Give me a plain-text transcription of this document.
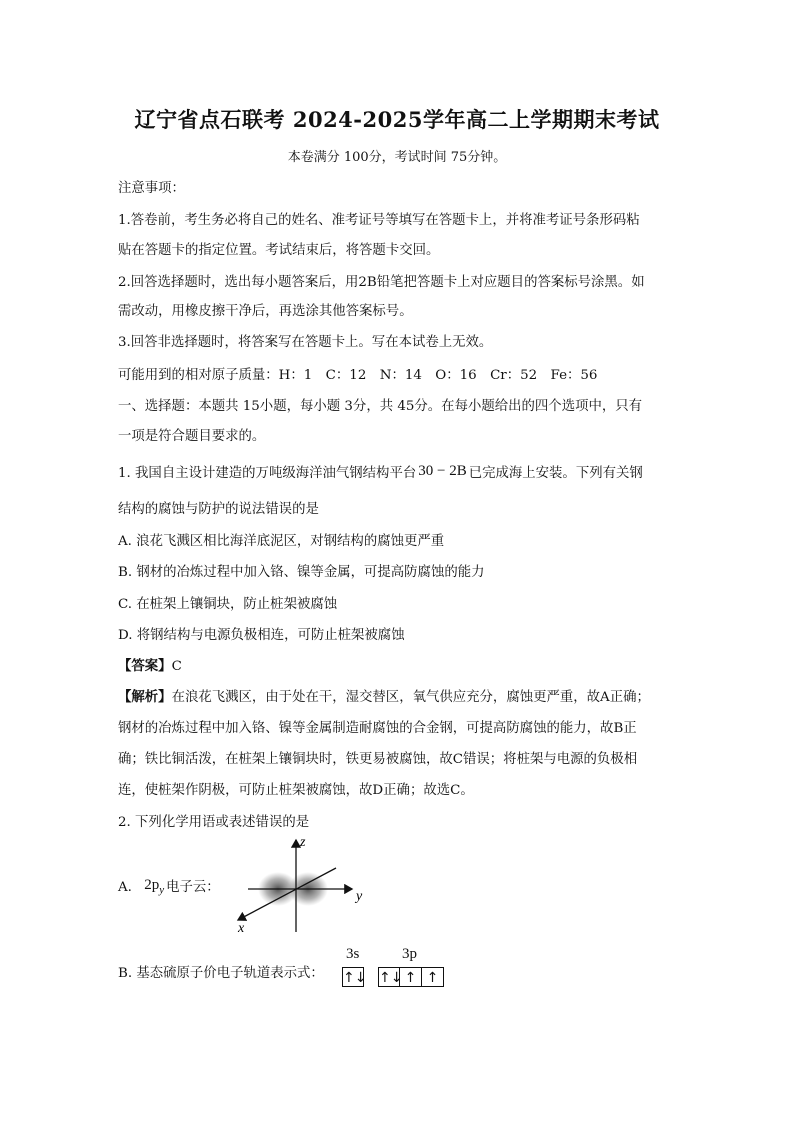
辽宁省点石联考 2024-2025学年高二上学期期末考试
本卷满分 100分，考试时间 75分钟。
注意事项：
1.答卷前，考生务必将自己的姓名、准考证号等填写在答题卡上，并将准考证号条形码粘
贴在答题卡的指定位置。考试结束后，将答题卡交回。
2.回答选择题时，选出每小题答案后，用2B铅笔把答题卡上对应题目的答案标号涂黑。如
需改动，用橡皮擦干净后，再选涂其他答案标号。
3.回答非选择题时，将答案写在答题卡上。写在本试卷上无效。
可能用到的相对原子质量：H：1　C：12　N：14　O：16　Cr：52　Fe：56
一、选择题：本题共 15小题，每小题 3分，共 45分。在每小题给出的四个选项中，只有
一项是符合题目要求的。
1. 我国自主设计建造的万吨级海洋油气钢结构平台 30 − 2B 已完成海上安装。下列有关钢
结构的腐蚀与防护的说法错误的是
A. 浪花飞溅区相比海洋底泥区，对钢结构的腐蚀更严重
B. 钢材的冶炼过程中加入铬、镍等金属，可提高防腐蚀的能力
C. 在桩架上镶铜块，防止桩架被腐蚀
D. 将钢结构与电源负极相连，可防止桩架被腐蚀
【答案】C
【解析】在浪花飞溅区，由于处在干，湿交替区，氧气供应充分，腐蚀更严重，故A正确；
钢材的冶炼过程中加入铬、镍等金属制造耐腐蚀的合金钢，可提高防腐蚀的能力，故B正
确；铁比铜活泼，在桩架上镶铜块时，铁更易被腐蚀，故C错误；将桩架与电源的负极相
连，使桩架作阴极，可防止桩架被腐蚀，故D正确；故选C。
2. 下列化学用语或表述错误的是
A. $2p_y$ 电子云：
z
y
x
B. 基态硫原子价电子轨道表示式：
3s	3p
↑↓ ↑↓ ↑ ↑
